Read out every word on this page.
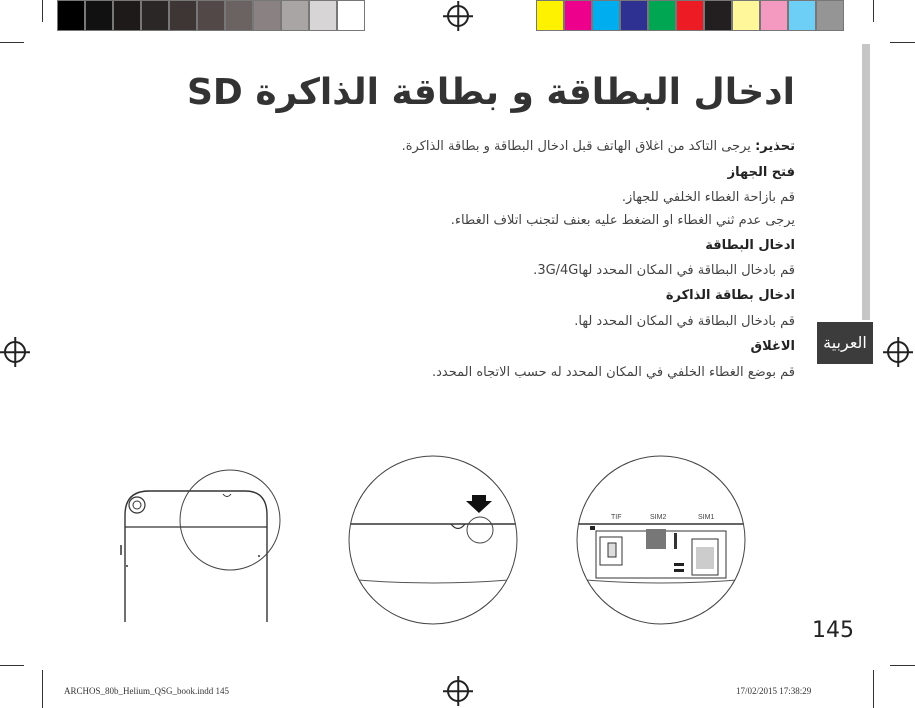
العربية
ادخال البطاقة و بطاقة الذاكرة SD
تحذير: يرجى التاكد من اغلاق الهاتف قبل ادخال البطاقة و بطاقة الذاكرة.
فتح الجهاز
قم بازاحة الغطاء الخلفي للجهاز.
يرجى عدم ثني الغطاء او الضغط عليه بعنف لتجنب اتلاف الغطاء.
ادخال البطاقة
قم بادخال البطاقة في المكان المحدد لها3G/4G.
ادخال بطاقة الذاكرة
قم بادخال البطاقة في المكان المحدد لها.
الاغلاق
قم بوضع الغطاء الخلفي في المكان المحدد له حسب الاتجاه المحدد.
TIF	SIM2	SIM1
145
ARCHOS_80b_Helium_QSG_book.indd 145	17/02/2015 17:38:29
